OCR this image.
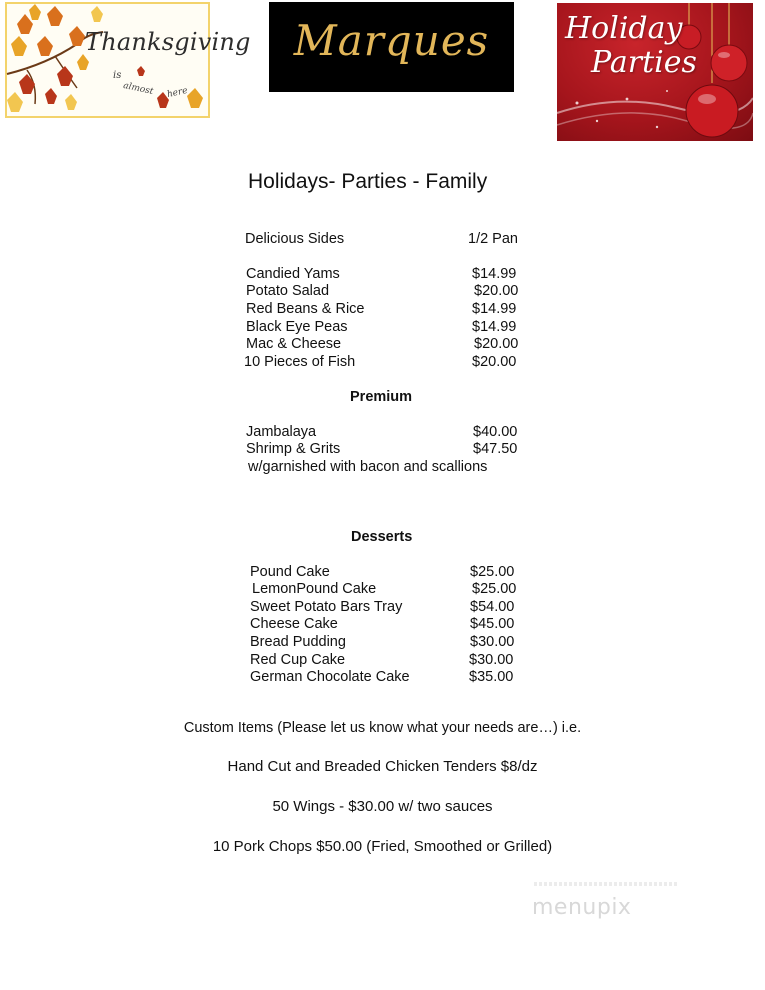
Thanksgiving
is
almost here
Marques	Holiday
Parties
Holidays- Parties - Family
Delicious Sides	1/2 Pan
Candied Yams	$14.99
Potato Salad	$20.00
Red Beans & Rice	$14.99
Black Eye Peas	$14.99
Mac & Cheese	$20.00
10 Pieces of Fish	$20.00
Premium
Jambalaya	$40.00
Shrimp & Grits	$47.50
w/garnished with bacon and scallions
Desserts
Pound Cake	$25.00
LemonPound Cake	$25.00
Sweet Potato Bars Tray	$54.00
Cheese Cake	$45.00
Bread Pudding	$30.00
Red Cup Cake	$30.00
German Chocolate Cake	$35.00
Custom Items (Please let us know what your needs are…) i.e.
Hand Cut and Breaded Chicken Tenders $8/dz
50 Wings - $30.00 w/ two sauces
10 Pork Chops $50.00 (Fried, Smoothed or Grilled)
menupix
